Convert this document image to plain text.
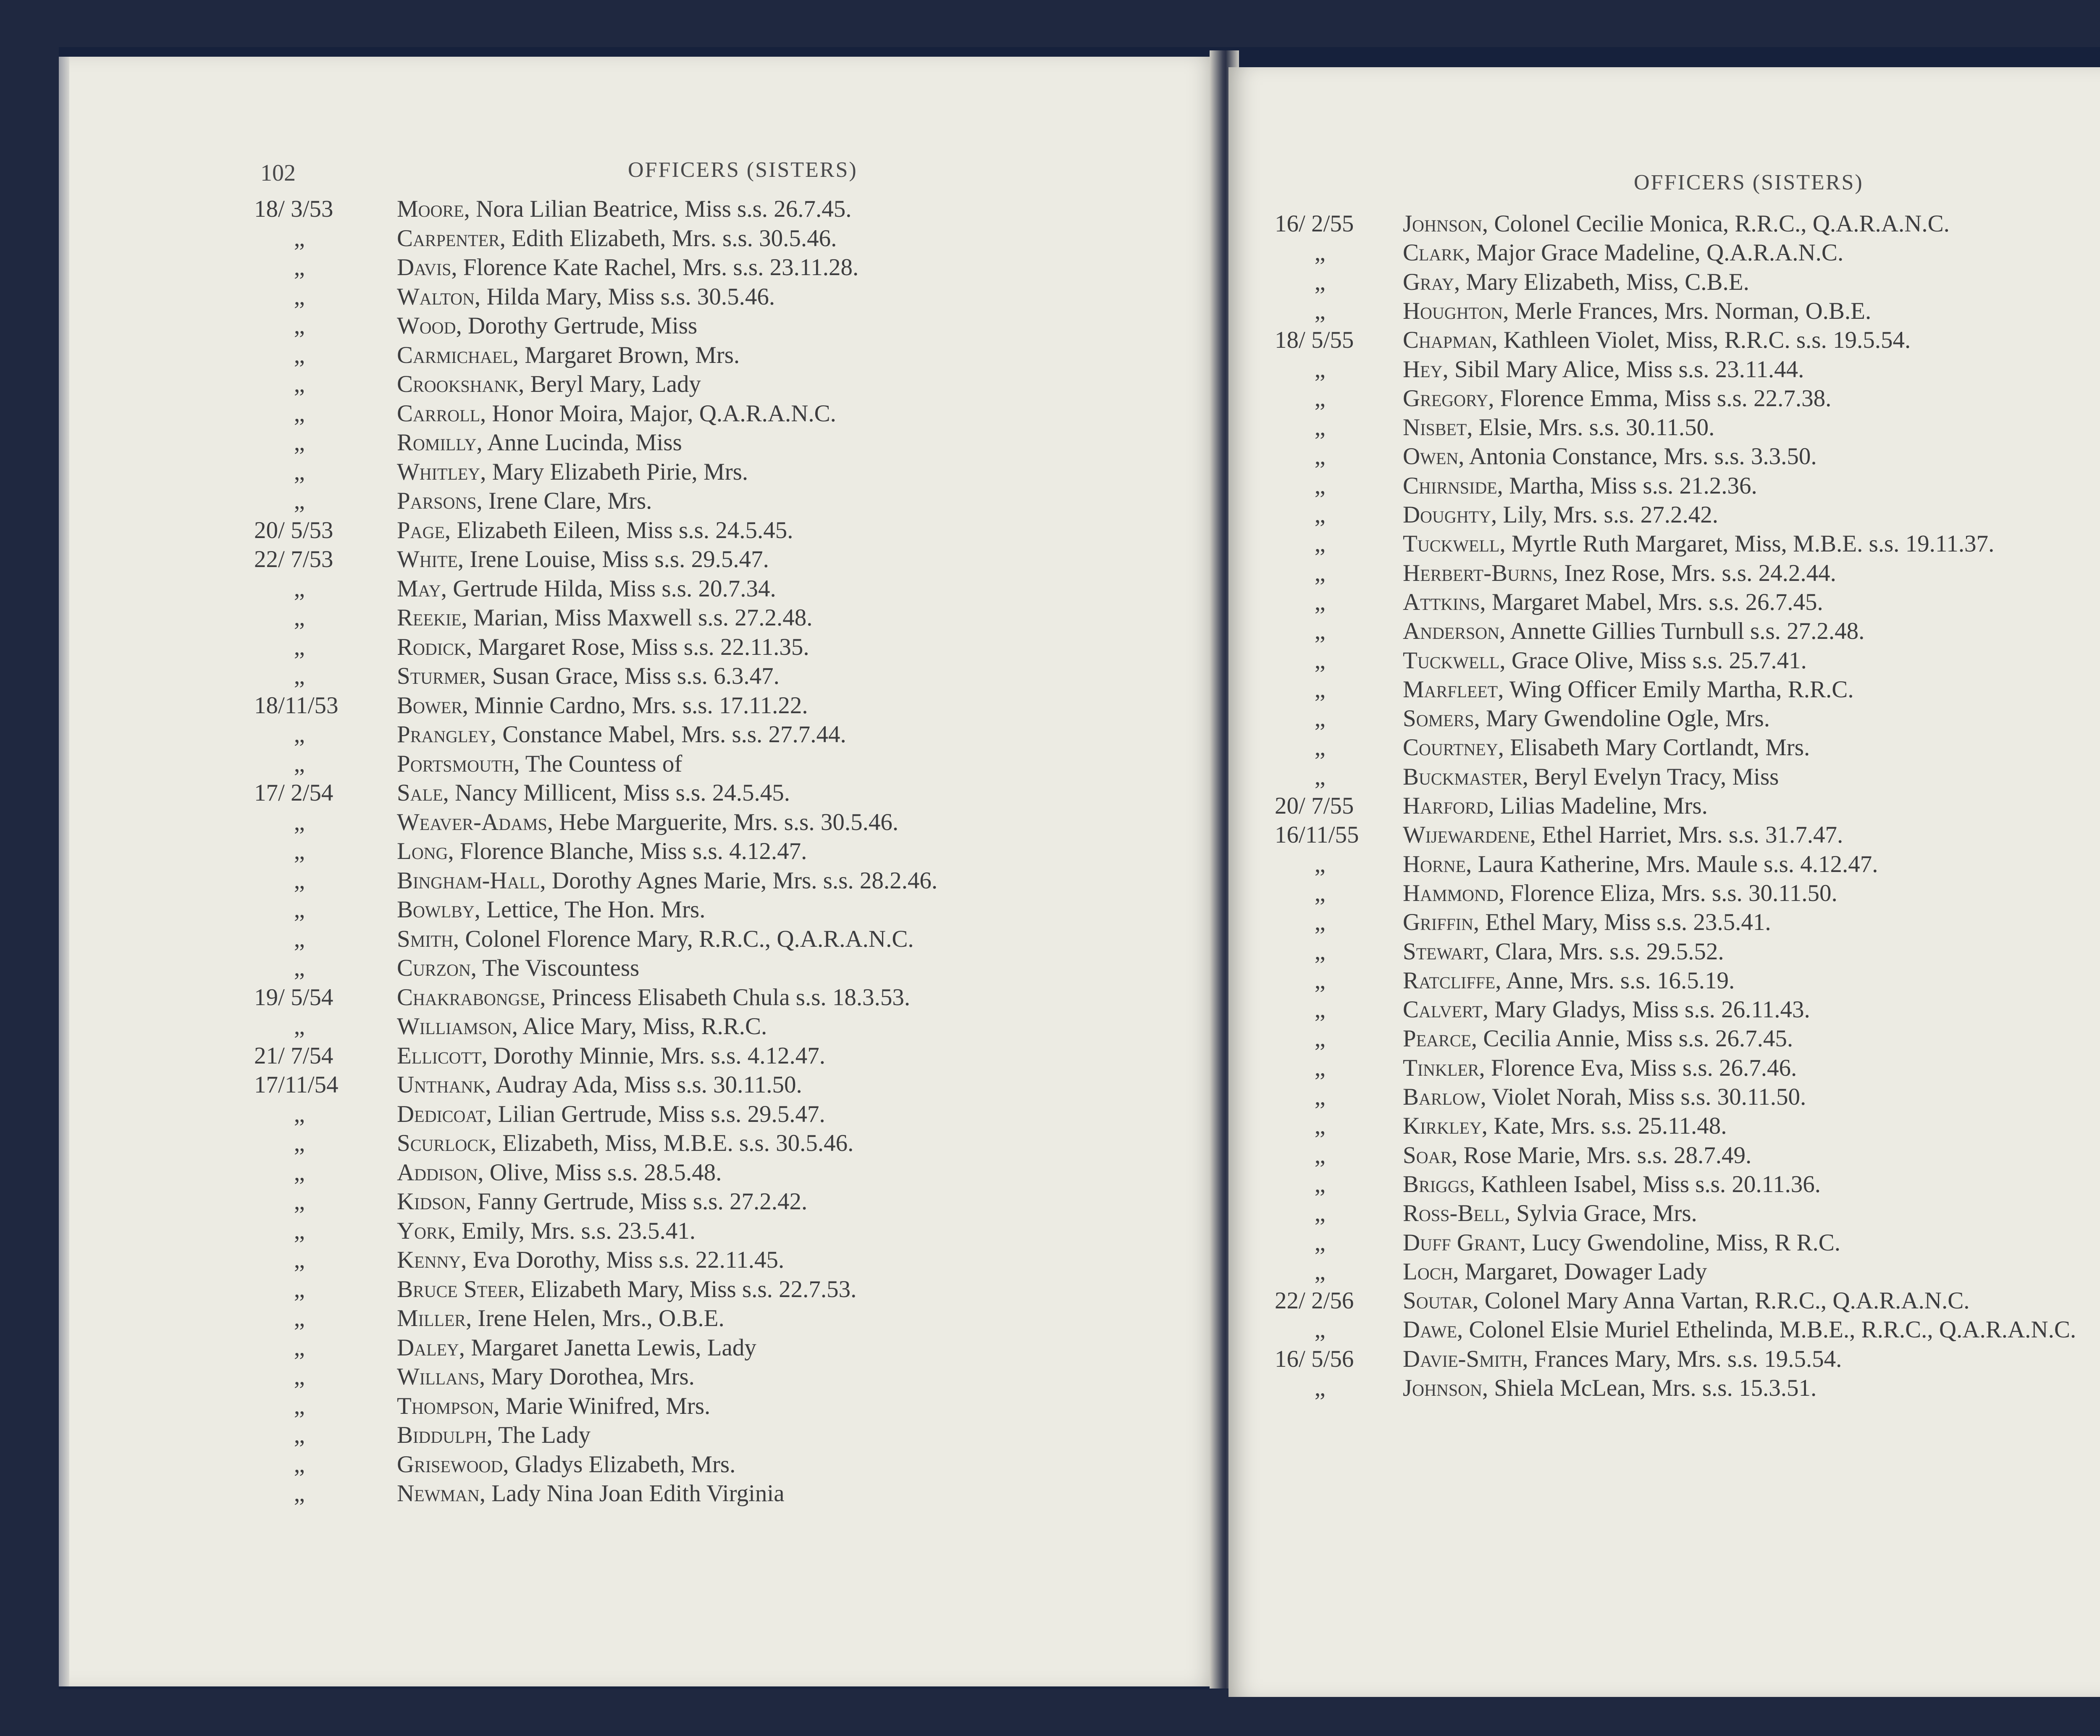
102	OFFICERS (SISTERS)
18/ 3/53	Moore, Nora Lilian Beatrice, Miss s.s. 26.7.45.
,,	Carpenter, Edith Elizabeth, Mrs. s.s. 30.5.46.
,,	Davis, Florence Kate Rachel, Mrs. s.s. 23.11.28.
,,	Walton, Hilda Mary, Miss s.s. 30.5.46.
,,	Wood, Dorothy Gertrude, Miss
,,	Carmichael, Margaret Brown, Mrs.
,,	Crookshank, Beryl Mary, Lady
,,	Carroll, Honor Moira, Major, Q.A.R.A.N.C.
,,	Romilly, Anne Lucinda, Miss
,,	Whitley, Mary Elizabeth Pirie, Mrs.
,,	Parsons, Irene Clare, Mrs.
20/ 5/53	Page, Elizabeth Eileen, Miss s.s. 24.5.45.
22/ 7/53	White, Irene Louise, Miss s.s. 29.5.47.
,,	May, Gertrude Hilda, Miss s.s. 20.7.34.
,,	Reekie, Marian, Miss Maxwell s.s. 27.2.48.
,,	Rodick, Margaret Rose, Miss s.s. 22.11.35.
,,	Sturmer, Susan Grace, Miss s.s. 6.3.47.
18/11/53	Bower, Minnie Cardno, Mrs. s.s. 17.11.22.
,,	Prangley, Constance Mabel, Mrs. s.s. 27.7.44.
,,	Portsmouth, The Countess of
17/ 2/54	Sale, Nancy Millicent, Miss s.s. 24.5.45.
,,	Weaver-Adams, Hebe Marguerite, Mrs. s.s. 30.5.46.
,,	Long, Florence Blanche, Miss s.s. 4.12.47.
,,	Bingham-Hall, Dorothy Agnes Marie, Mrs. s.s. 28.2.46.
,,	Bowlby, Lettice, The Hon. Mrs.
,,	Smith, Colonel Florence Mary, R.R.C., Q.A.R.A.N.C.
,,	Curzon, The Viscountess
19/ 5/54	Chakrabongse, Princess Elisabeth Chula s.s. 18.3.53.
,,	Williamson, Alice Mary, Miss, R.R.C.
21/ 7/54	Ellicott, Dorothy Minnie, Mrs. s.s. 4.12.47.
17/11/54	Unthank, Audray Ada, Miss s.s. 30.11.50.
,,	Dedicoat, Lilian Gertrude, Miss s.s. 29.5.47.
,,	Scurlock, Elizabeth, Miss, M.B.E. s.s. 30.5.46.
,,	Addison, Olive, Miss s.s. 28.5.48.
,,	Kidson, Fanny Gertrude, Miss s.s. 27.2.42.
,,	York, Emily, Mrs. s.s. 23.5.41.
,,	Kenny, Eva Dorothy, Miss s.s. 22.11.45.
,,	Bruce Steer, Elizabeth Mary, Miss s.s. 22.7.53.
,,	Miller, Irene Helen, Mrs., O.B.E.
,,	Daley, Margaret Janetta Lewis, Lady
,,	Willans, Mary Dorothea, Mrs.
,,	Thompson, Marie Winifred, Mrs.
,,	Biddulph, The Lady
,,	Grisewood, Gladys Elizabeth, Mrs.
,,	Newman, Lady Nina Joan Edith Virginia
OFFICERS (SISTERS)
16/ 2/55	Johnson, Colonel Cecilie Monica, R.R.C., Q.A.R.A.N.C.
,,	Clark, Major Grace Madeline, Q.A.R.A.N.C.
,,	Gray, Mary Elizabeth, Miss, C.B.E.
,,	Houghton, Merle Frances, Mrs. Norman, O.B.E.
18/ 5/55	Chapman, Kathleen Violet, Miss, R.R.C. s.s. 19.5.54.
,,	Hey, Sibil Mary Alice, Miss s.s. 23.11.44.
,,	Gregory, Florence Emma, Miss s.s. 22.7.38.
,,	Nisbet, Elsie, Mrs. s.s. 30.11.50.
,,	Owen, Antonia Constance, Mrs. s.s. 3.3.50.
,,	Chirnside, Martha, Miss s.s. 21.2.36.
,,	Doughty, Lily, Mrs. s.s. 27.2.42.
,,	Tuckwell, Myrtle Ruth Margaret, Miss, M.B.E. s.s. 19.11.37.
,,	Herbert-Burns, Inez Rose, Mrs. s.s. 24.2.44.
,,	Attkins, Margaret Mabel, Mrs. s.s. 26.7.45.
,,	Anderson, Annette Gillies Turnbull s.s. 27.2.48.
,,	Tuckwell, Grace Olive, Miss s.s. 25.7.41.
,,	Marfleet, Wing Officer Emily Martha, R.R.C.
,,	Somers, Mary Gwendoline Ogle, Mrs.
,,	Courtney, Elisabeth Mary Cortlandt, Mrs.
,,	Buckmaster, Beryl Evelyn Tracy, Miss
20/ 7/55	Harford, Lilias Madeline, Mrs.
16/11/55	Wijewardene, Ethel Harriet, Mrs. s.s. 31.7.47.
,,	Horne, Laura Katherine, Mrs. Maule s.s. 4.12.47.
,,	Hammond, Florence Eliza, Mrs. s.s. 30.11.50.
,,	Griffin, Ethel Mary, Miss s.s. 23.5.41.
,,	Stewart, Clara, Mrs. s.s. 29.5.52.
,,	Ratcliffe, Anne, Mrs. s.s. 16.5.19.
,,	Calvert, Mary Gladys, Miss s.s. 26.11.43.
,,	Pearce, Cecilia Annie, Miss s.s. 26.7.45.
,,	Tinkler, Florence Eva, Miss s.s. 26.7.46.
,,	Barlow, Violet Norah, Miss s.s. 30.11.50.
,,	Kirkley, Kate, Mrs. s.s. 25.11.48.
,,	Soar, Rose Marie, Mrs. s.s. 28.7.49.
,,	Briggs, Kathleen Isabel, Miss s.s. 20.11.36.
,,	Ross-Bell, Sylvia Grace, Mrs.
,,	Duff Grant, Lucy Gwendoline, Miss, R R.C.
,,	Loch, Margaret, Dowager Lady
22/ 2/56	Soutar, Colonel Mary Anna Vartan, R.R.C., Q.A.R.A.N.C.
,,	Dawe, Colonel Elsie Muriel Ethelinda, M.B.E., R.R.C., Q.A.R.A.N.C.
16/ 5/56	Davie-Smith, Frances Mary, Mrs. s.s. 19.5.54.
,,	Johnson, Shiela McLean, Mrs. s.s. 15.3.51.
